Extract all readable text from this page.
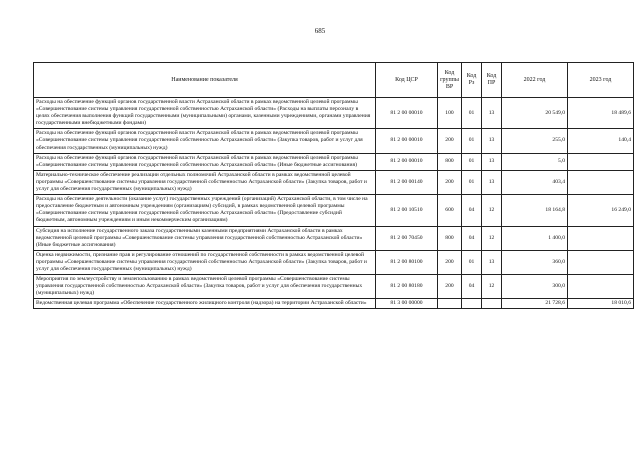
685
Наименование показателя	Код ЦСР	Код группы ВР	Код Рз	Код ПР	2022 год	2023 год
Расходы на обеспечение функций органов государственной власти Астраханской области в рамках ведомственной целевой программы «Совершенствование системы управления государственной собственностью Астраханской области» (Расходы на выплаты персоналу в целях обеспечения выполнения функций государственными (муниципальными) органами, казенными учреждениями, органами управления государственными внебюджетными фондами)	81 2 00 00010	100	01	13	20 549,0	18 489,6
Расходы на обеспечение функций органов государственной власти Астраханской области в рамках ведомственной целевой программы «Совершенствование системы управления государственной собственностью Астраханской области» (Закупка товаров, работ и услуг для обеспечения государственных (муниципальных) нужд)	81 2 00 00010	200	01	13	255,0	140,4
Расходы на обеспечение функций органов государственной власти Астраханской области в рамках ведомственной целевой программы «Совершенствование системы управления государственной собственностью Астраханской области» (Иные бюджетные ассигнования)	81 2 00 00010	800	01	13	5,0	
Материально-техническое обеспечение реализации отдельных полномочий Астраханской области в рамках ведомственной целевой программы «Совершенствование системы управления государственной собственностью Астраханской области» (Закупка товаров, работ и услуг для обеспечения государственных (муниципальных) нужд)	81 2 00 00140	200	01	13	403,4	
Расходы на обеспечение деятельности (оказание услуг) государственных учреждений (организаций) Астраханской области, в том числе на предоставление бюджетным и автономным учреждениям (организациям) субсидий, в рамках ведомственной целевой программы «Совершенствование системы управления государственной собственностью Астраханской области» (Предоставление субсидий бюджетным, автономным учреждениям и иным некоммерческим организациям)	81 2 00 10510	600	04	12	18 164,8	16 249,0
Субсидия на исполнение государственного заказа государственными казенными предприятиями Астраханской области в рамках ведомственной целевой программы «Совершенствование системы управления государственной собственностью Астраханской области» (Иные бюджетные ассигнования)	81 2 00 70450	800	04	12	1 400,0	
Оценка недвижимости, признание прав и регулирование отношений по государственной собственности в рамках ведомственной целевой программы «Совершенствование системы управления государственной собственностью Астраханской области» (Закупка товаров, работ и услуг для обеспечения государственных (муниципальных) нужд)	81 2 00 80100	200	01	13	360,0	
Мероприятия по землеустройству и землепользованию в рамках ведомственной целевой программы «Совершенствование системы управления государственной собственностью Астраханской области» (Закупка товаров, работ и услуг для обеспечения государственных (муниципальных) нужд)	81 2 00 80180	200	04	12	300,0	
Ведомственная целевая программа «Обеспечение государственного жилищного контроля (надзора) на территории Астраханской области»	81 3 00 00000				21 728,6	18 010,6
